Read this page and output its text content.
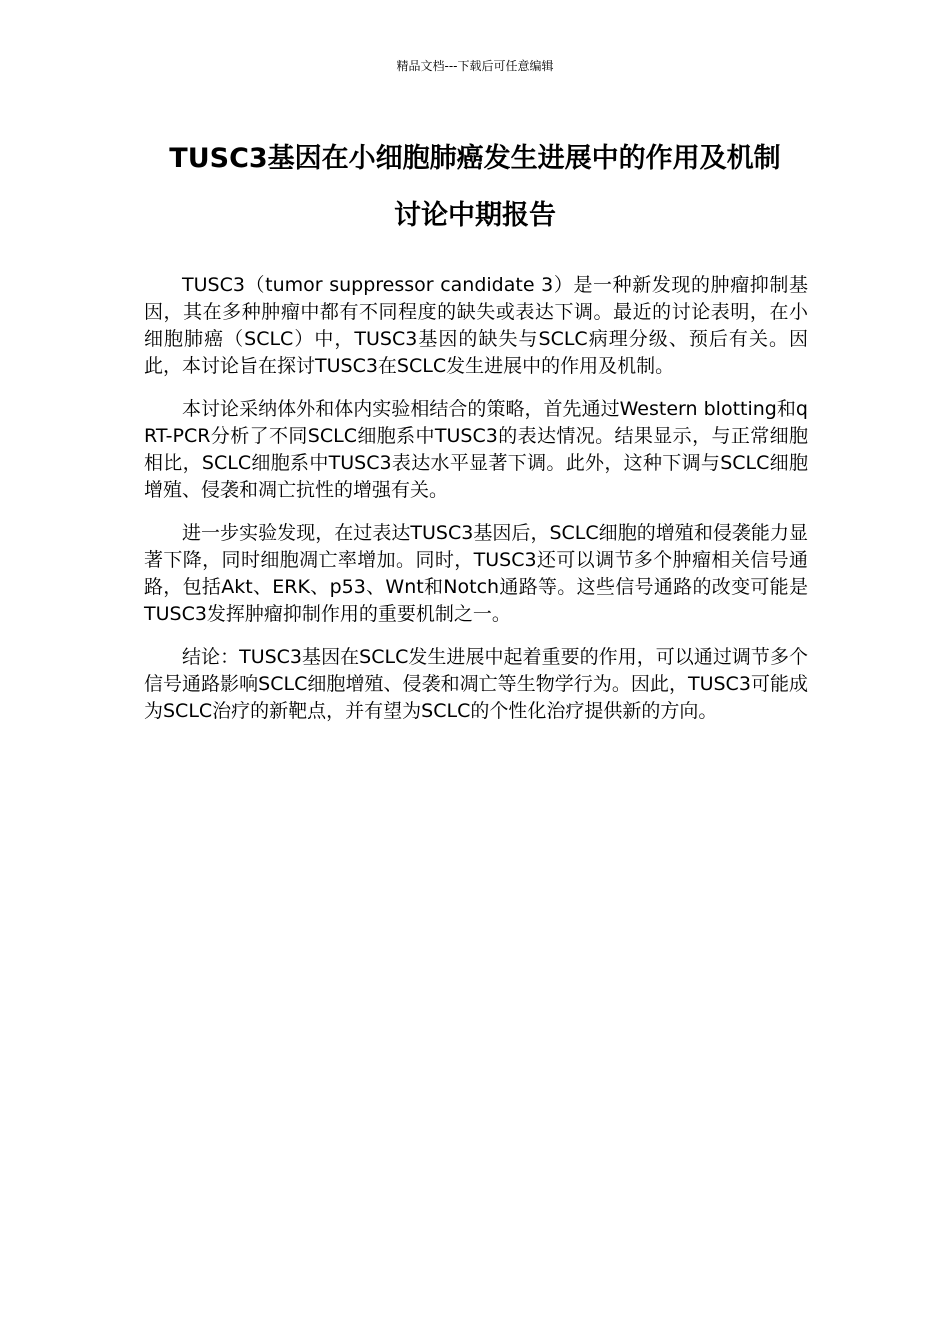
精品文档---下载后可任意编辑
TUSC3基因在小细胞肺癌发生进展中的作用及机制
讨论中期报告

TUSC3（tumor suppressor candidate 3）是一种新发现的肿瘤抑制基因，其在多种肿瘤中都有不同程度的缺失或表达下调。最近的讨论表明，在小细胞肺癌（SCLC）中，TUSC3基因的缺失与SCLC病理分级、预后有关。因此，本讨论旨在探讨TUSC3在SCLC发生进展中的作用及机制。

本讨论采纳体外和体内实验相结合的策略，首先通过Western blotting和qRT-PCR分析了不同SCLC细胞系中TUSC3的表达情况。结果显示，与正常细胞相比，SCLC细胞系中TUSC3表达水平显著下调。此外，这种下调与SCLC细胞增殖、侵袭和凋亡抗性的增强有关。

进一步实验发现，在过表达TUSC3基因后，SCLC细胞的增殖和侵袭能力显著下降，同时细胞凋亡率增加。同时，TUSC3还可以调节多个肿瘤相关信号通路，包括Akt、ERK、p53、Wnt和Notch通路等。这些信号通路的改变可能是TUSC3发挥肿瘤抑制作用的重要机制之一。

结论：TUSC3基因在SCLC发生进展中起着重要的作用，可以通过调节多个信号通路影响SCLC细胞增殖、侵袭和凋亡等生物学行为。因此，TUSC3可能成为SCLC治疗的新靶点，并有望为SCLC的个性化治疗提供新的方向。
